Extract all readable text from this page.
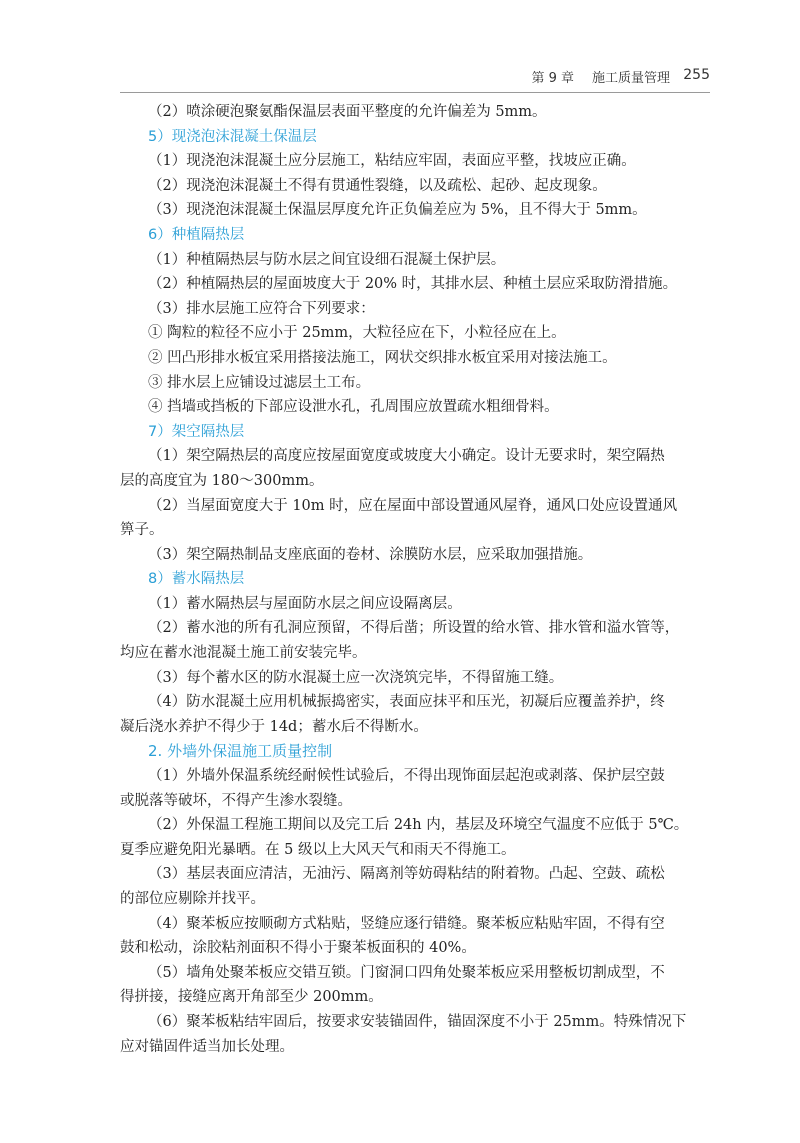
第 9 章 施工质量管理 255

（2）喷涂硬泡聚氨酯保温层表面平整度的允许偏差为 5mm。

5）现浇泡沫混凝土保温层

（1）现浇泡沫混凝土应分层施工，粘结应牢固，表面应平整，找坡应正确。

（2）现浇泡沫混凝土不得有贯通性裂缝，以及疏松、起砂、起皮现象。

（3）现浇泡沫混凝土保温层厚度允许正负偏差应为 5%，且不得大于 5mm。

6）种植隔热层

（1）种植隔热层与防水层之间宜设细石混凝土保护层。

（2）种植隔热层的屋面坡度大于 20% 时，其排水层、种植土层应采取防滑措施。

（3）排水层施工应符合下列要求：

① 陶粒的粒径不应小于 25mm，大粒径应在下，小粒径应在上。

② 凹凸形排水板宜采用搭接法施工，网状交织排水板宜采用对接法施工。

③ 排水层上应铺设过滤层土工布。

④ 挡墙或挡板的下部应设泄水孔，孔周围应放置疏水粗细骨料。

7）架空隔热层

（1）架空隔热层的高度应按屋面宽度或坡度大小确定。设计无要求时，架空隔热

层的高度宜为 180～300mm。

（2）当屋面宽度大于 10m 时，应在屋面中部设置通风屋脊，通风口处应设置通风

箅子。

（3）架空隔热制品支座底面的卷材、涂膜防水层，应采取加强措施。

8）蓄水隔热层

（1）蓄水隔热层与屋面防水层之间应设隔离层。

（2）蓄水池的所有孔洞应预留，不得后凿；所设置的给水管、排水管和溢水管等，

均应在蓄水池混凝土施工前安装完毕。

（3）每个蓄水区的防水混凝土应一次浇筑完毕，不得留施工缝。

（4）防水混凝土应用机械振捣密实，表面应抹平和压光，初凝后应覆盖养护，终

凝后浇水养护不得少于 14d；蓄水后不得断水。

2. 外墙外保温施工质量控制

（1）外墙外保温系统经耐候性试验后，不得出现饰面层起泡或剥落、保护层空鼓

或脱落等破坏，不得产生渗水裂缝。

（2）外保温工程施工期间以及完工后 24h 内，基层及环境空气温度不应低于 5℃。

夏季应避免阳光暴晒。在 5 级以上大风天气和雨天不得施工。

（3）基层表面应清洁，无油污、隔离剂等妨碍粘结的附着物。凸起、空鼓、疏松

的部位应剔除并找平。

（4）聚苯板应按顺砌方式粘贴，竖缝应逐行错缝。聚苯板应粘贴牢固，不得有空

鼓和松动，涂胶粘剂面积不得小于聚苯板面积的 40%。

（5）墙角处聚苯板应交错互锁。门窗洞口四角处聚苯板应采用整板切割成型，不

得拼接，接缝应离开角部至少 200mm。

（6）聚苯板粘结牢固后，按要求安装锚固件，锚固深度不小于 25mm。特殊情况下

应对锚固件适当加长处理。
